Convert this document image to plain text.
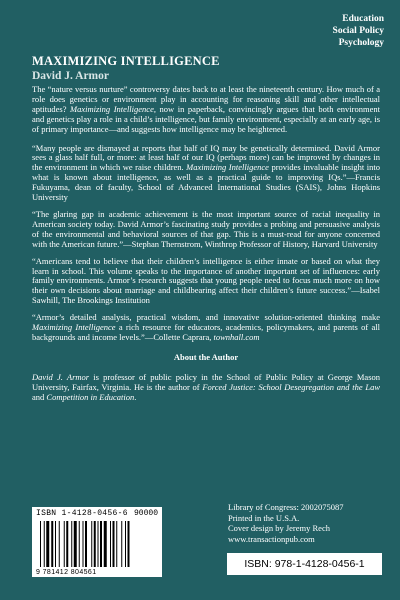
Education
Social Policy
Psychology
MAXIMIZING INTELLIGENCE
David J. Armor

The “nature versus nurture” controversy dates back to at least the nineteenth century. How much of a role does genetics or environment play in accounting for reasoning skill and other intellectual aptitudes? Maximizing Intelligence, now in paperback, convincingly argues that both environment and genetics play a role in a child’s intelligence, but family environment, especially at an early age, is of primary importance—and suggests how intelligence may be heightened.

“Many people are dismayed at reports that half of IQ may be genetically determined. David Armor sees a glass half full, or more: at least half of our IQ (perhaps more) can be improved by changes in the environment in which we raise children. Maximizing Intelligence provides invaluable insight into what is known about intelligence, as well as a practical guide to improving IQs.”—Francis Fukuyama, dean of faculty, School of Advanced International Studies (SAIS), Johns Hopkins University

“The glaring gap in academic achievement is the most important source of racial inequality in American society today. David Armor’s fascinating study provides a probing and persuasive analysis of the environmental and behavioral sources of that gap. This is a must-read for anyone concerned with the American future.”—Stephan Thernstrom, Winthrop Professor of History, Harvard University

“Americans tend to believe that their children’s intelligence is either innate or based on what they learn in school. This volume speaks to the importance of another important set of influences: early family environments. Armor’s research suggests that young people need to focus much more on how their own decisions about marriage and childbearing affect their children’s future success.”—Isabel Sawhill, The Brookings Institution

“Armor’s detailed analysis, practical wisdom, and innovative solution-oriented thinking make Maximizing Intelligence a rich resource for educators, academics, policymakers, and parents of all backgrounds and income levels.”—Collette Caprara, townhall.com

About the Author

David J. Armor is professor of public policy in the School of Public Policy at George Mason University, Fairfax, Virginia. He is the author of Forced Justice: School Desegregation and the Law and Competition in Education.

ISBN 1-4128-0456-6 90000
9 781412 804561
Library of Congress: 2002075087
Printed in the U.S.A.
Cover design by Jeremy Rech
www.transactionpub.com
ISBN: 978-1-4128-0456-1
